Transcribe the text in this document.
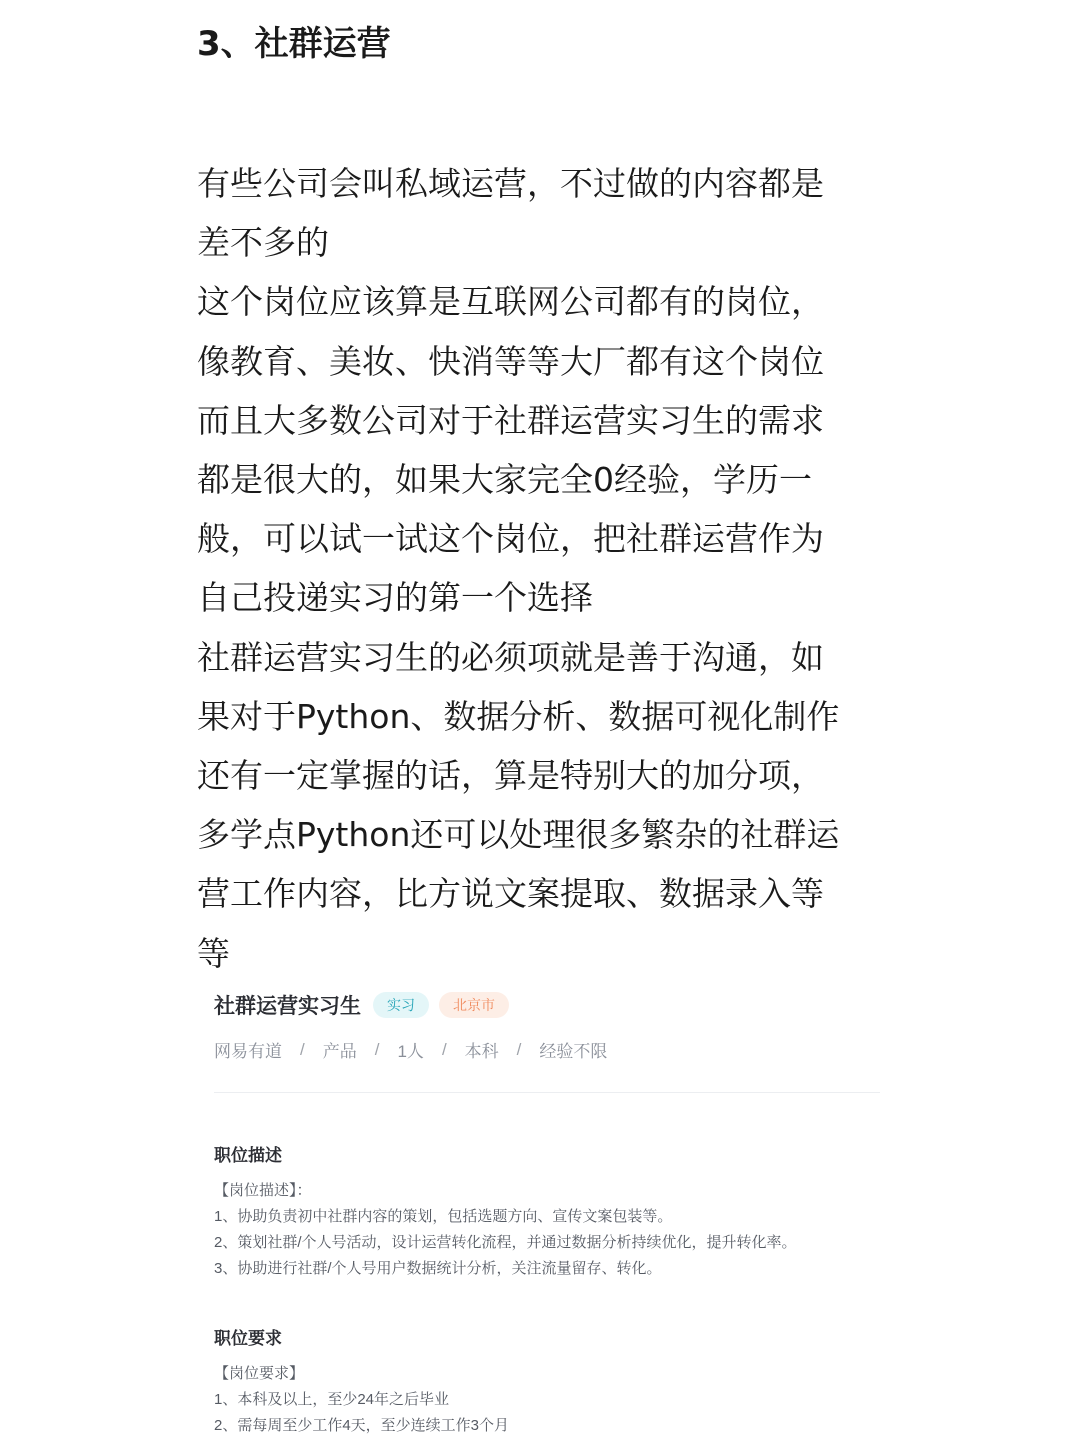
3、社群运营
有些公司会叫私域运营，不过做的内容都是
差不多的
这个岗位应该算是互联网公司都有的岗位，
像教育、美妆、快消等等大厂都有这个岗位
而且大多数公司对于社群运营实习生的需求
都是很大的，如果大家完全0经验，学历一
般，可以试一试这个岗位，把社群运营作为
自己投递实习的第一个选择
社群运营实习生的必须项就是善于沟通，如
果对于Python、数据分析、数据可视化制作
还有一定掌握的话，算是特别大的加分项，
多学点Python还可以处理很多繁杂的社群运
营工作内容，比方说文案提取、数据录入等
等
社群运营实习生	实习	北京市
网易有道 / 产品 / 1人 / 本科 / 经验不限
职位描述
【岗位描述】：
1、协助负责初中社群内容的策划，包括选题方向、宣传文案包装等。
2、策划社群/个人号活动，设计运营转化流程，并通过数据分析持续优化，提升转化率。
3、协助进行社群/个人号用户数据统计分析，关注流量留存、转化。
职位要求
【岗位要求】
1、本科及以上，至少24年之后毕业
2、需每周至少工作4天，至少连续工作3个月
